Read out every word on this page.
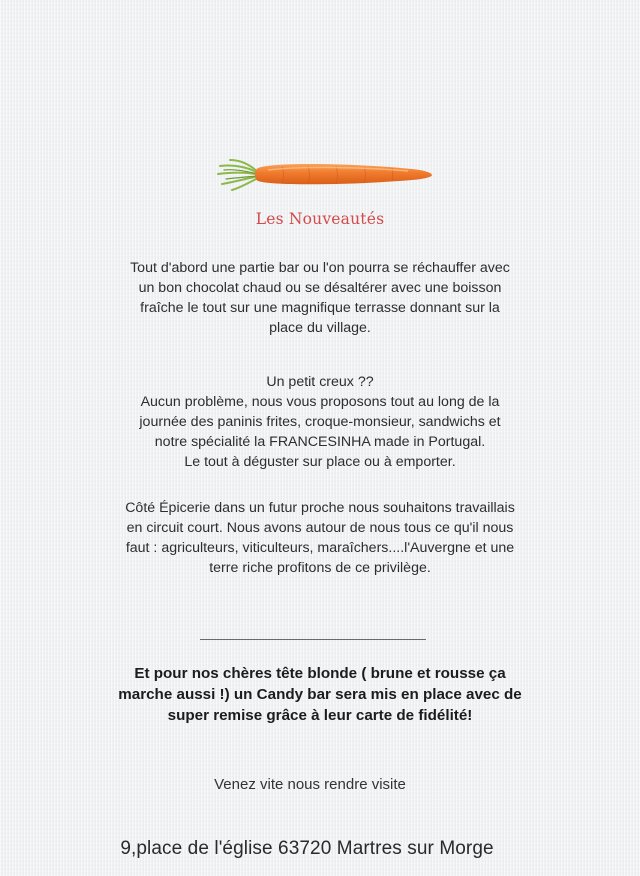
Les Nouveautés
Tout d'abord une partie bar ou l'on pourra se réchauffer avec
un bon chocolat chaud ou se désaltérer avec une boisson
fraîche le tout sur une magnifique terrasse donnant sur la
place du village.
Un petit creux ??
Aucun problème, nous vous proposons tout au long de la
journée des paninis frites, croque-monsieur, sandwichs et
notre spécialité la FRANCESINHA made in Portugal.
Le tout à déguster sur place ou à emporter.
Côté Épicerie dans un futur proche nous souhaitons travaillais
en circuit court. Nous avons autour de nous tous ce qu'il nous
faut : agriculteurs, viticulteurs, maraîchers....l'Auvergne et une
terre riche profitons de ce privilège.
Et pour nos chères tête blonde ( brune et rousse ça
marche aussi !) un Candy bar sera mis en place avec de
super remise grâce à leur carte de fidélité!
Venez vite nous rendre visite
9,place de l'église 63720 Martres sur Morge
